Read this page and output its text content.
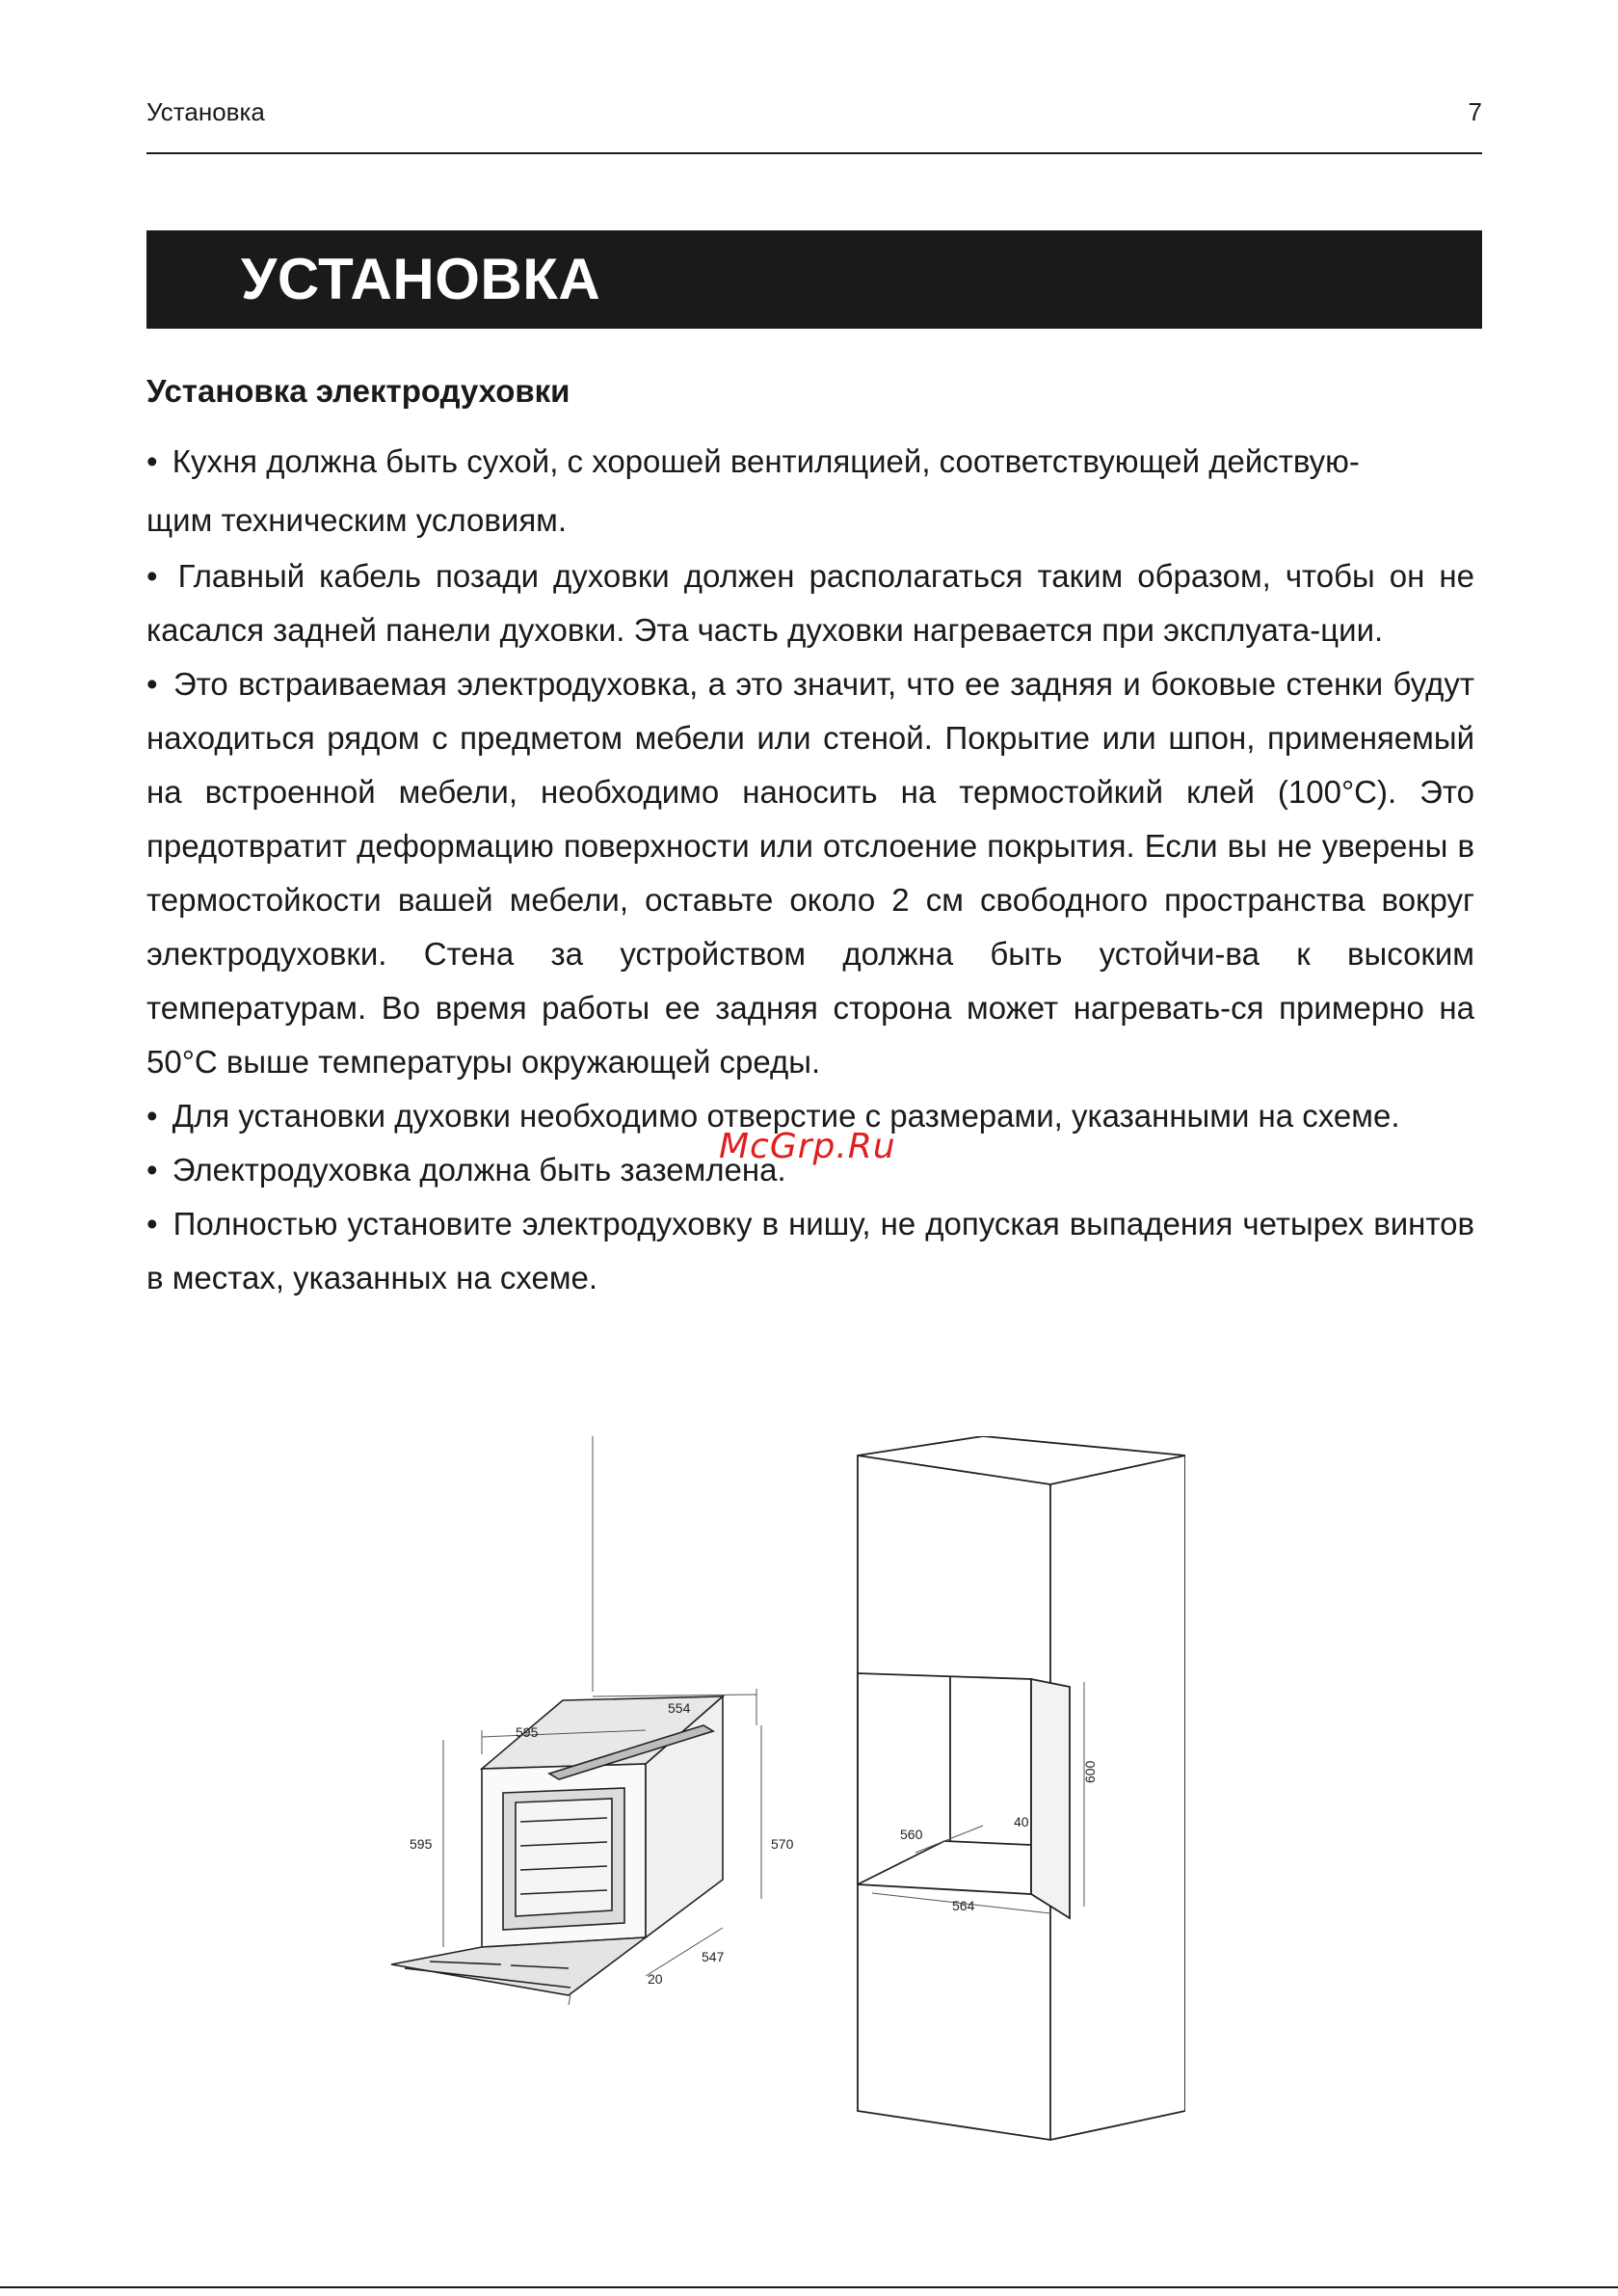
Установка	7
УСТАНОВКА
Установка электродуховки
• Кухня должна быть сухой, с хорошей вентиляцией, соответствующей действую-
щим техническим условиям.

• Главный кабель позади духовки должен располагаться таким образом, чтобы он не касался задней панели духовки. Эта часть духовки нагревается при эксплуата-ции.

• Это встраиваемая электродуховка, а это значит, что ее задняя и боковые стенки будут находиться рядом с предметом мебели или стеной. Покрытие или шпон, применяемый на встроенной мебели, необходимо наносить на термостойкий клей (100°С). Это предотвратит деформацию поверхности или отслоение покрытия. Если вы не уверены в термостойкости вашей мебели, оставьте около 2 см свободного пространства вокруг электродуховки. Стена за устройством должна быть устойчи-ва к высоким температурам. Во время работы ее задняя сторона может нагревать-ся примерно на 50°С выше температуры окружающей среды.

• Для установки духовки необходимо отверстие с размерами, указанными на схеме.

• Электродуховка должна быть заземлена.

• Полностью установите электродуховку в нишу, не допуская выпадения четырех винтов в местах, указанных на схеме.

McGrp.Ru
554
595
595	570
547
20
600
560
564
40
